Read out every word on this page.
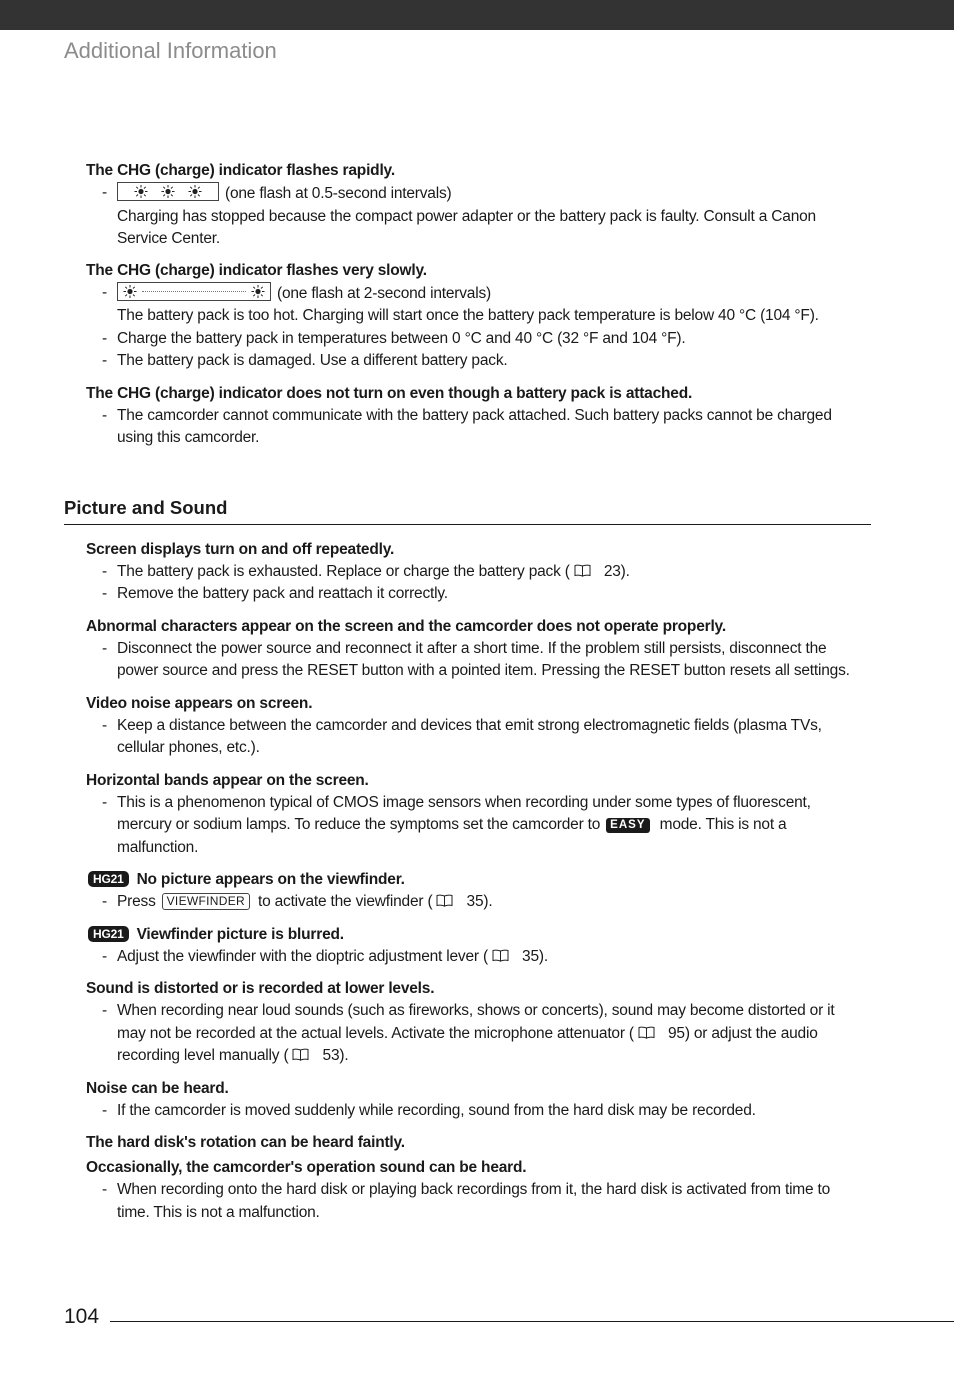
Additional Information
The CHG (charge) indicator flashes rapidly.
-	(one flash at 0.5-second intervals)
Charging has stopped because the compact power adapter or the battery pack is faulty. Consult a Canon
Service Center.
The CHG (charge) indicator flashes very slowly.
-	(one flash at 2-second intervals)
The battery pack is too hot. Charging will start once the battery pack temperature is below 40 °C (104 °F).
- Charge the battery pack in temperatures between 0 °C and 40 °C (32 °F and 104 °F).
- The battery pack is damaged. Use a different battery pack.
The CHG (charge) indicator does not turn on even though a battery pack is attached.
- The camcorder cannot communicate with the battery pack attached. Such battery packs cannot be charged
using this camcorder.
Picture and Sound
Screen displays turn on and off repeatedly.
- The battery pack is exhausted. Replace or charge the battery pack ( 23).
- Remove the battery pack and reattach it correctly.
Abnormal characters appear on the screen and the camcorder does not operate properly.
- Disconnect the power source and reconnect it after a short time. If the problem still persists, disconnect the
power source and press the RESET button with a pointed item. Pressing the RESET button resets all settings.
Video noise appears on screen.
- Keep a distance between the camcorder and devices that emit strong electromagnetic fields (plasma TVs,
cellular phones, etc.).
Horizontal bands appear on the screen.
- This is a phenomenon typical of CMOS image sensors when recording under some types of fluorescent,
mercury or sodium lamps. To reduce the symptoms set the camcorder to EASY mode. This is not a
malfunction.
HG21 No picture appears on the viewfinder.
- Press VIEWFINDER to activate the viewfinder ( 35).
HG21 Viewfinder picture is blurred.
- Adjust the viewfinder with the dioptric adjustment lever ( 35).
Sound is distorted or is recorded at lower levels.
- When recording near loud sounds (such as fireworks, shows or concerts), sound may become distorted or it
may not be recorded at the actual levels. Activate the microphone attenuator ( 95) or adjust the audio
recording level manually ( 53).
Noise can be heard.
- If the camcorder is moved suddenly while recording, sound from the hard disk may be recorded.
The hard disk's rotation can be heard faintly.
Occasionally, the camcorder's operation sound can be heard.
- When recording onto the hard disk or playing back recordings from it, the hard disk is activated from time to
time. This is not a malfunction.
104
